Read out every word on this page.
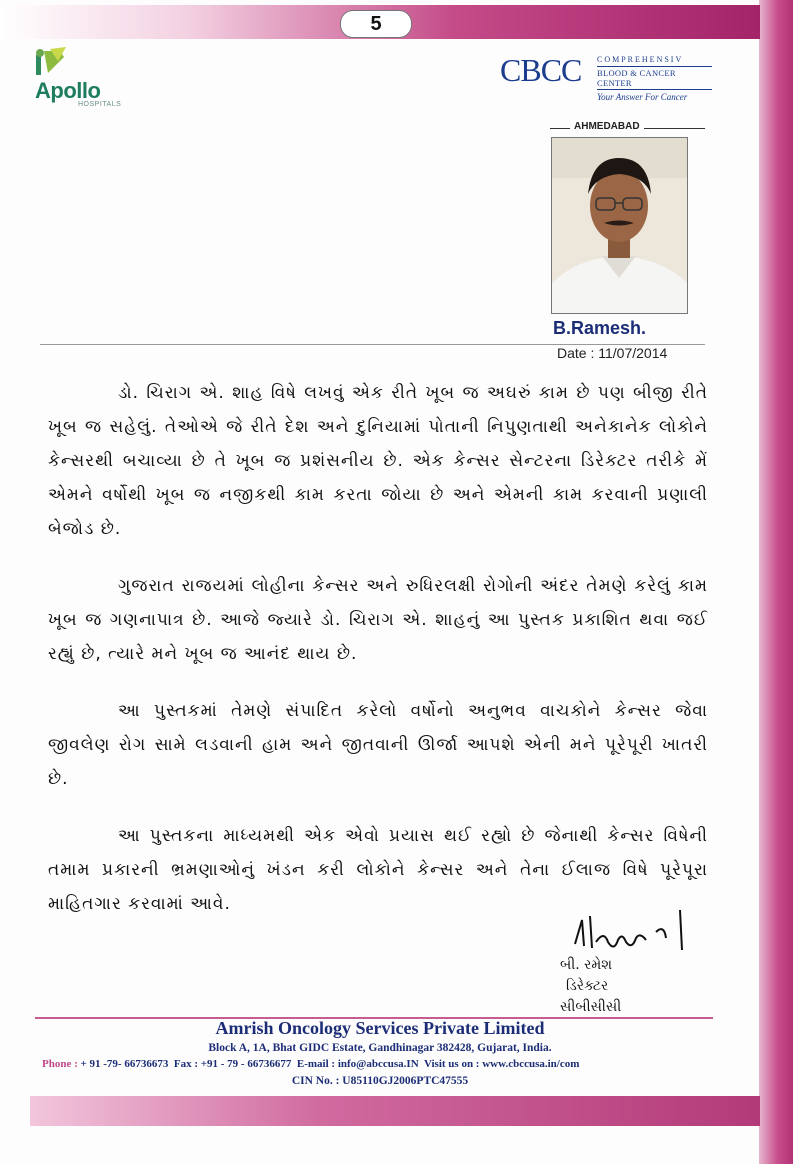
5
Apollo
HOSPITALS
CBCC COMPREHENSIV
BLOOD & CANCER CENTER
Your Answer For Cancer
AHMEDABAD
B.Ramesh.
Date : 11/07/2014

ડો. ચિરાગ એ. શાહ વિષે લખવું એક રીતે ખૂબ જ અઘરું કામ છે પણ બીજી રીતે ખૂબ જ સહેલું. તેઓએ જે રીતે દેશ અને દુનિયામાં પોતાની નિપુણતાથી અનેકાનેક લોકોને કેન્સરથી બચાવ્યા છે તે ખૂબ જ પ્રશંસનીય છે. એક કેન્સર સેન્ટરના ડિરેક્ટર તરીકે મેં એમને વર્ષોથી ખૂબ જ નજીકથી કામ કરતા જોયા છે અને એમની કામ કરવાની પ્રણાલી બેજોડ છે.

ગુજરાત રાજયમાં લોહીના કેન્સર અને રુધિરલક્ષી રોગોની અંદર તેમણે કરેલું કામ ખૂબ જ ગણનાપાત્ર છે. આજે જ્યારે ડો. ચિરાગ એ. શાહનું આ પુસ્તક પ્રકાશિત થવા જઈ રહ્યું છે, ત્યારે મને ખૂબ જ આનંદ થાય છે.

આ પુસ્તકમાં તેમણે સંપાદિત કરેલો વર્ષોનો અનુભવ વાચકોને કેન્સર જેવા જીવલેણ રોગ સામે લડવાની હામ અને જીતવાની ઊર્જા આપશે એની મને પૂરેપૂરી ખાતરી છે.

આ પુસ્તકના માધ્યમથી એક એવો પ્રયાસ થઈ રહ્યો છે જેનાથી કેન્સર વિષેની તમામ પ્રકારની ભ્રમણાઓનું ખંડન કરી લોકોને કેન્સર અને તેના ઈલાજ વિષે પૂરેપૂરા માહિતગાર કરવામાં આવે.

બી. રમેશ
ડિરેક્ટર
સીબીસીસી
Amrish Oncology Services Private Limited
Block A, 1A, Bhat GIDC Estate, Gandhinagar 382428, Gujarat, India.
Phone : + 91 -79- 66736673 Fax : +91 - 79 - 66736677 E-mail : info@abccusa.IN Visit us on : www.cbccusa.in/com
CIN No. : U85110GJ2006PTC47555
